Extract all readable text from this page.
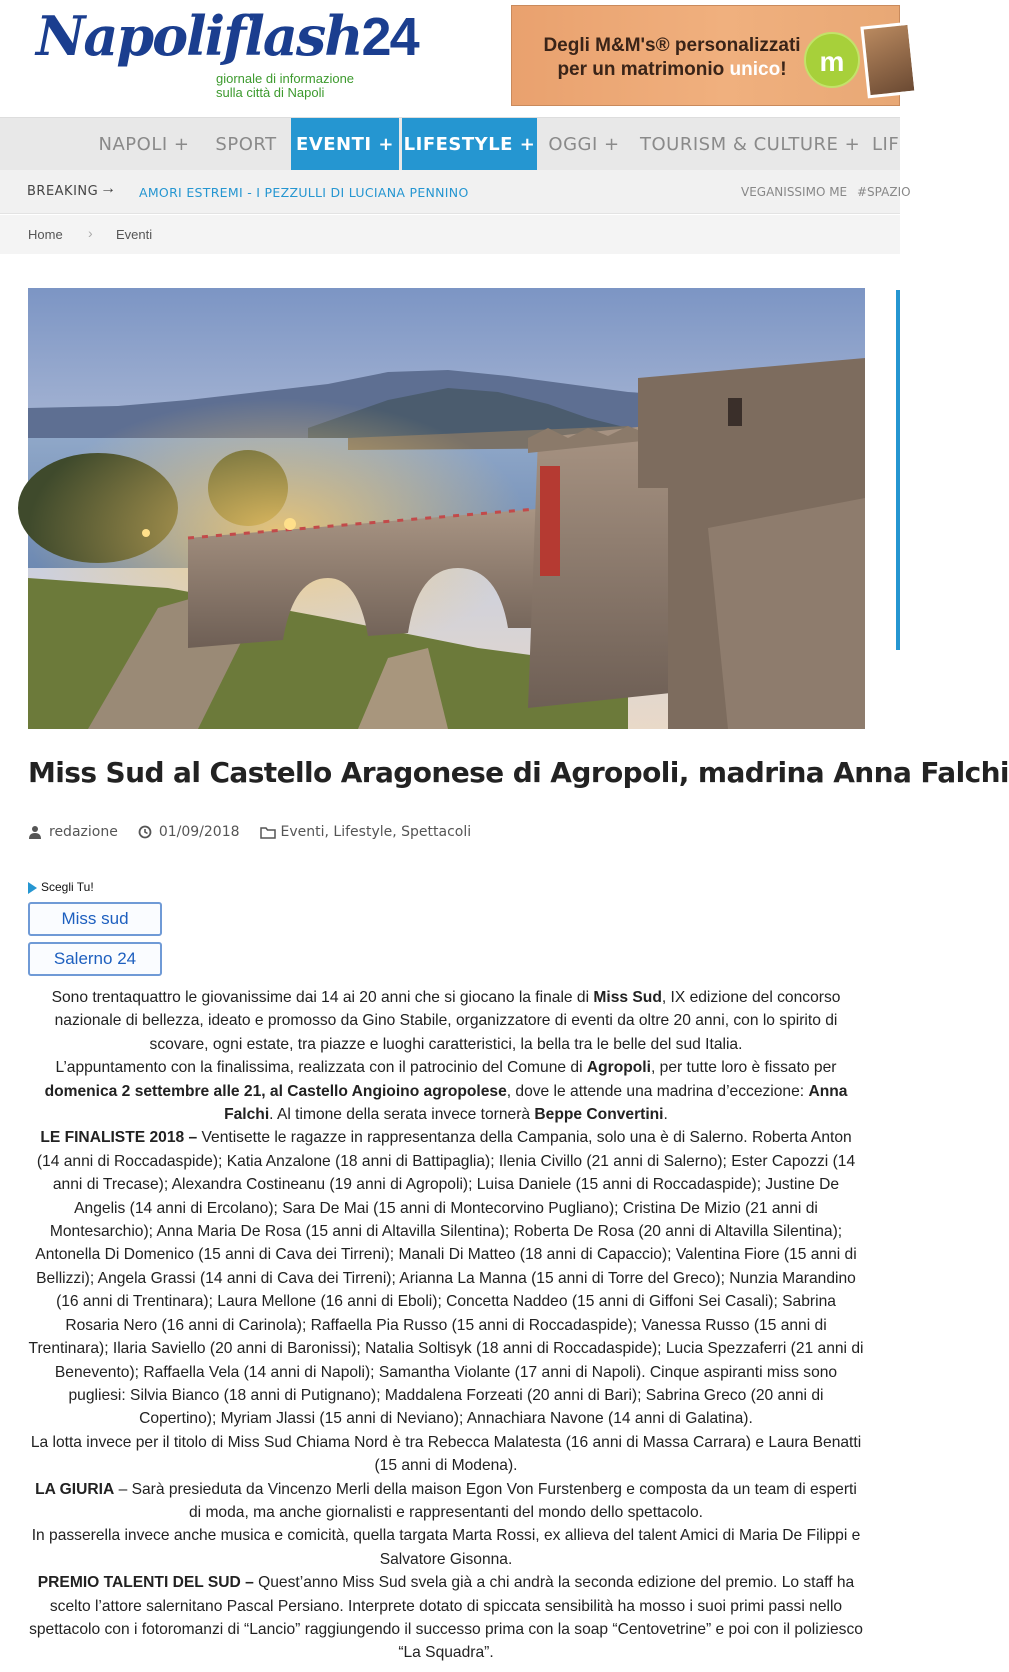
Napoliflash24
giornale di informazione
sulla città di Napoli
Degli M&M's® personalizzati
per un matrimonio unico!	m
NAPOLI +	SPORT	EVENTI + LIFESTYLE + OGGI + TOURISM & CULTURE + LIF
BREAKING → AMORI ESTREMI - I PEZZULLI DI LUCIANA PENNINO	VEGANISSIMO ME #SPAZIO
Home › Eventi
Miss Sud al Castello Aragonese di Agropoli, madrina Anna Falchi
redazione	01/09/2018	Eventi, Lifestyle, Spettacoli
Scegli Tu!
Miss sud
Salerno 24

Sono trentaquattro le giovanissime dai 14 ai 20 anni che si giocano la finale di Miss Sud, IX edizione del concorso nazionale di bellezza, ideato e promosso da Gino Stabile, organizzatore di eventi da oltre 20 anni, con lo spirito di scovare, ogni estate, tra piazze e luoghi caratteristici, la bella tra le belle del sud Italia.

L’appuntamento con la finalissima, realizzata con il patrocinio del Comune di Agropoli, per tutte loro è fissato per domenica 2 settembre alle 21, al Castello Angioino agropolese, dove le attende una madrina d’eccezione: Anna Falchi. Al timone della serata invece tornerà Beppe Convertini.

LE FINALISTE 2018 – Ventisette le ragazze in rappresentanza della Campania, solo una è di Salerno. Roberta Anton (14 anni di Roccadaspide); Katia Anzalone (18 anni di Battipaglia); Ilenia Civillo (21 anni di Salerno); Ester Capozzi (14 anni di Trecase); Alexandra Costineanu (19 anni di Agropoli); Luisa Daniele (15 anni di Roccadaspide); Justine De Angelis (14 anni di Ercolano); Sara De Mai (15 anni di Montecorvino Pugliano); Cristina De Mizio (21 anni di Montesarchio); Anna Maria De Rosa (15 anni di Altavilla Silentina); Roberta De Rosa (20 anni di Altavilla Silentina); Antonella Di Domenico (15 anni di Cava dei Tirreni); Manali Di Matteo (18 anni di Capaccio); Valentina Fiore (15 anni di Bellizzi); Angela Grassi (14 anni di Cava dei Tirreni); Arianna La Manna (15 anni di Torre del Greco); Nunzia Marandino (16 anni di Trentinara); Laura Mellone (16 anni di Eboli); Concetta Naddeo (15 anni di Giffoni Sei Casali); Sabrina Rosaria Nero (16 anni di Carinola); Raffaella Pia Russo (15 anni di Roccadaspide); Vanessa Russo (15 anni di Trentinara); Ilaria Saviello (20 anni di Baronissi); Natalia Soltisyk (18 anni di Roccadaspide); Lucia Spezzaferri (21 anni di Benevento); Raffaella Vela (14 anni di Napoli); Samantha Violante (17 anni di Napoli). Cinque aspiranti miss sono pugliesi: Silvia Bianco (18 anni di Putignano); Maddalena Forzeati (20 anni di Bari); Sabrina Greco (20 anni di Copertino); Myriam Jlassi (15 anni di Neviano); Annachiara Navone (14 anni di Galatina).

La lotta invece per il titolo di Miss Sud Chiama Nord è tra Rebecca Malatesta (16 anni di Massa Carrara) e Laura Benatti (15 anni di Modena).

LA GIURIA – Sarà presieduta da Vincenzo Merli della maison Egon Von Furstenberg e composta da un team di esperti di moda, ma anche giornalisti e rappresentanti del mondo dello spettacolo.

In passerella invece anche musica e comicità, quella targata Marta Rossi, ex allieva del talent Amici di Maria De Filippi e Salvatore Gisonna.

PREMIO TALENTI DEL SUD – Quest’anno Miss Sud svela già a chi andrà la seconda edizione del premio. Lo staff ha scelto l’attore salernitano Pascal Persiano. Interprete dotato di spiccata sensibilità ha mosso i suoi primi passi nello spettacolo con i fotoromanzi di “Lancio” raggiungendo il successo prima con la soap “Centovetrine” e poi con il poliziesco “La Squadra”.
